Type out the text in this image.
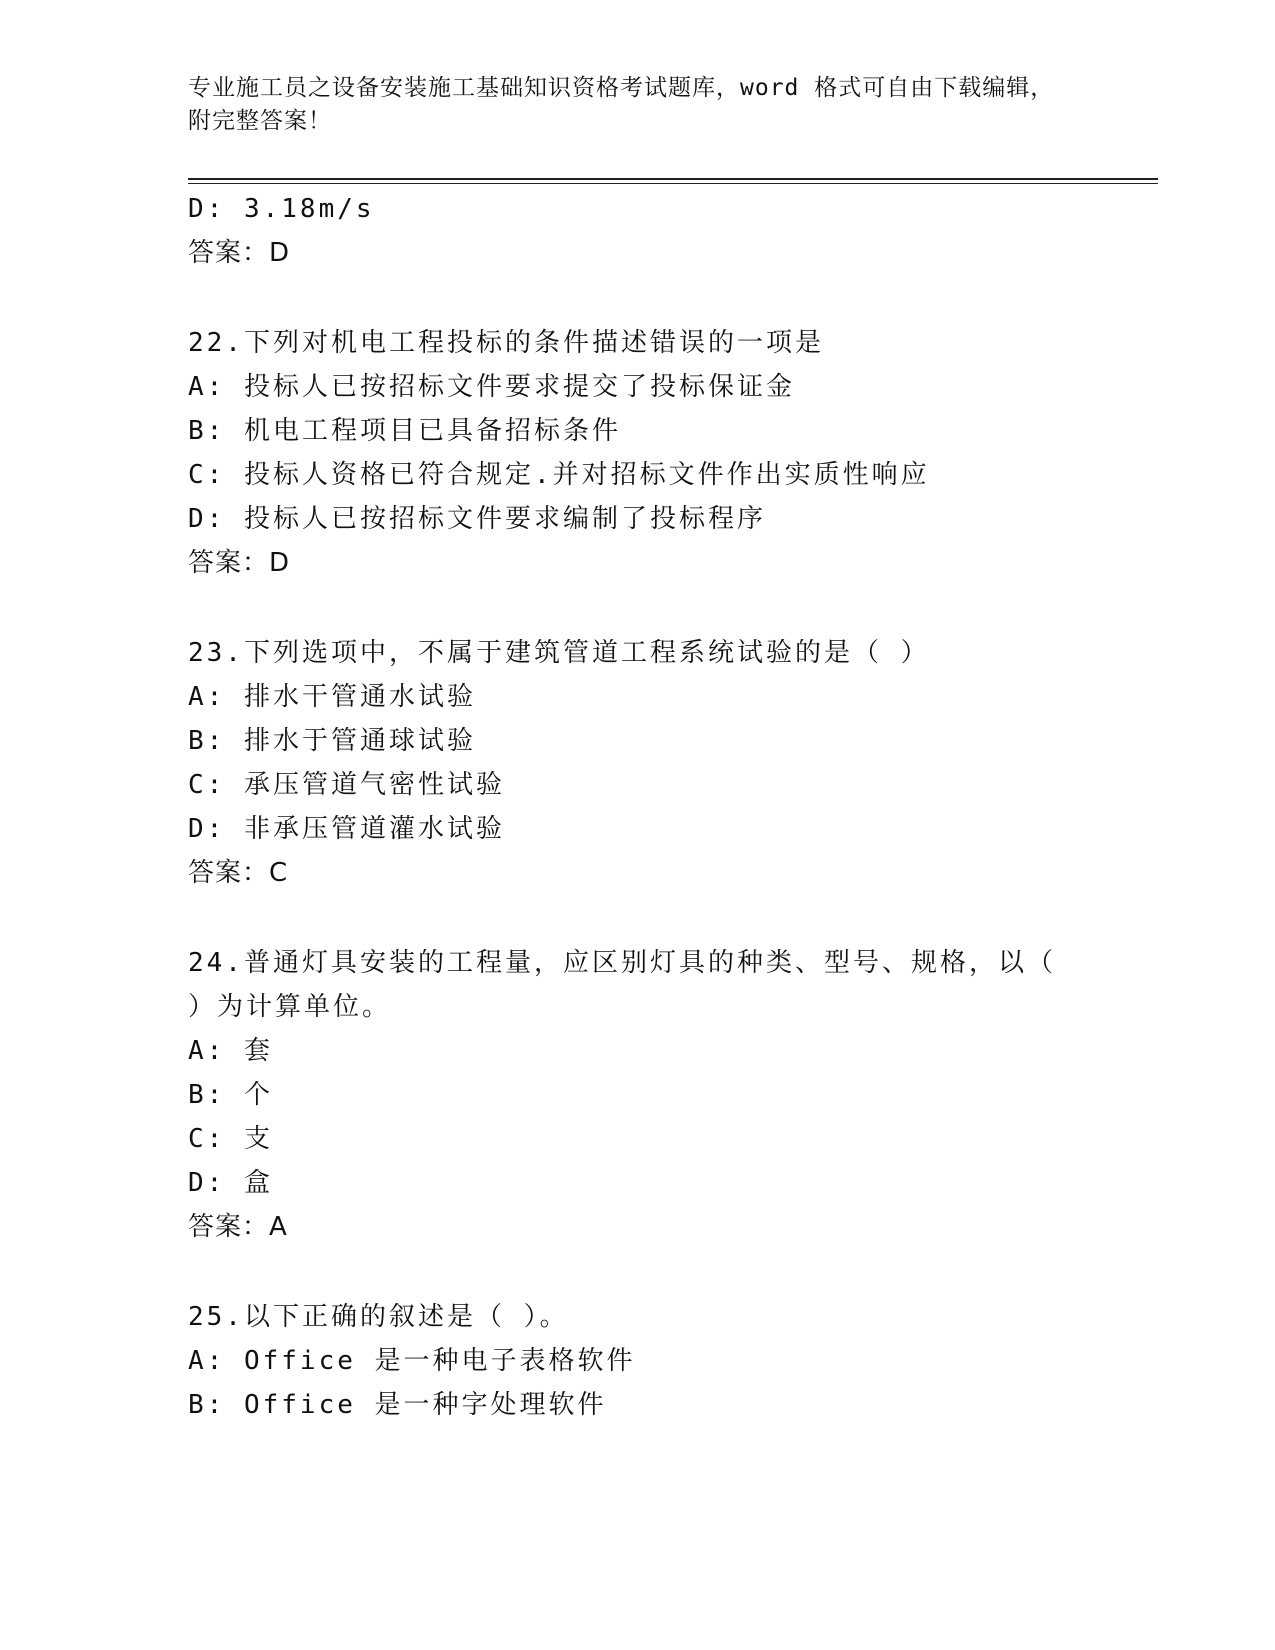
专业施工员之设备安装施工基础知识资格考试题库，word 格式可自由下载编辑，
附完整答案！
D: 3.18m/s
答案：D
22.下列对机电工程投标的条件描述错误的一项是
A: 投标人已按招标文件要求提交了投标保证金
B: 机电工程项目已具备招标条件
C: 投标人资格已符合规定.并对招标文件作出实质性响应
D: 投标人已按招标文件要求编制了投标程序
答案：D
23.下列选项中，不属于建筑管道工程系统试验的是（ ）
A: 排水干管通水试验
B: 排水于管通球试验
C: 承压管道气密性试验
D: 非承压管道灌水试验
答案：C
24.普通灯具安装的工程量，应区别灯具的种类、型号、规格，以（
）为计算单位。
A: 套
B: 个
C: 支
D: 盒
答案：A
25.以下正确的叙述是（ ）。
A: Office 是一种电子表格软件
B: Office 是一种字处理软件
